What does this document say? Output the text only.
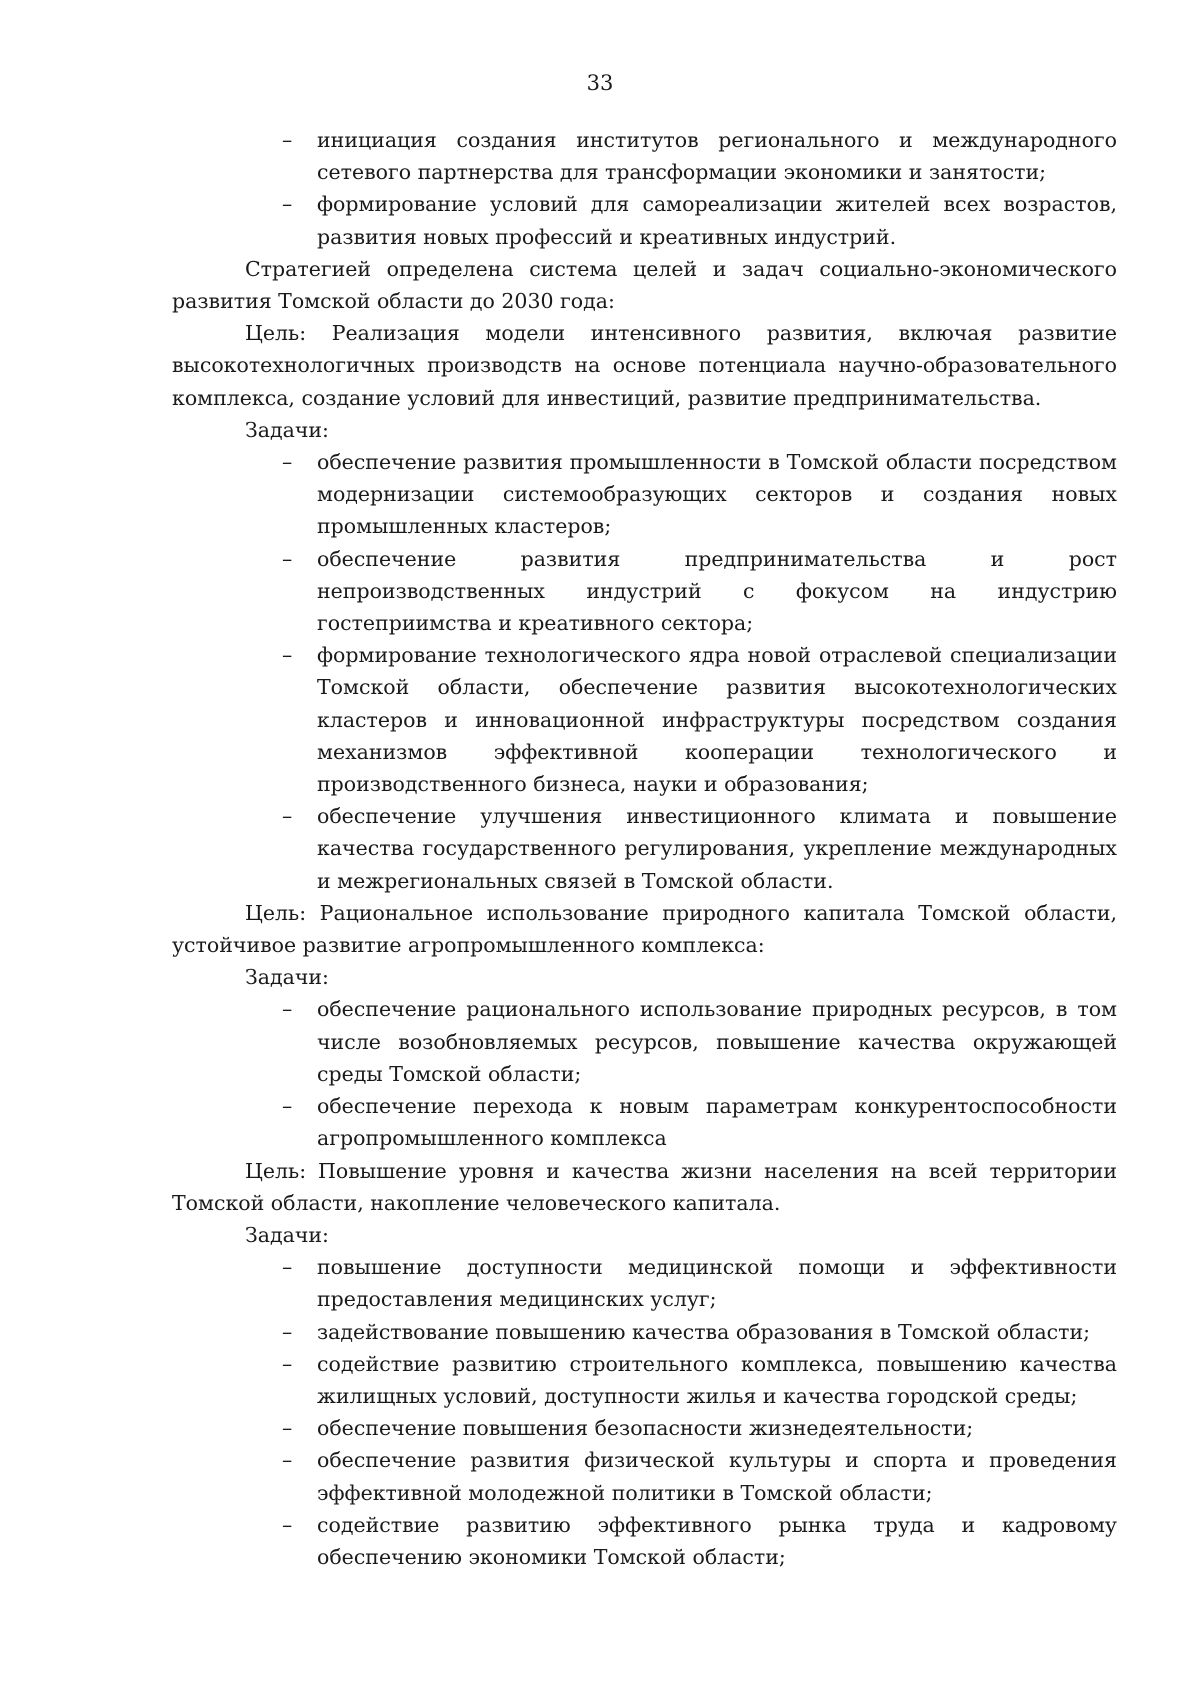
33
– инициация создания институтов регионального и международного сетевого партнерства для трансформации экономики и занятости;
– формирование условий для самореализации жителей всех возрастов, развития новых профессий и креативных индустрий.

Стратегией определена система целей и задач социально-экономического развития Томской области до 2030 года:

Цель: Реализация модели интенсивного развития, включая развитие высокотехнологичных производств на основе потенциала научно-образовательного комплекса, создание условий для инвестиций, развитие предпринимательства.

Задачи:

– обеспечение развития промышленности в Томской области посредством модернизации системообразующих секторов и создания новых промышленных кластеров;
– обеспечение развития предпринимательства и рост непроизводственных индустрий с фокусом на индустрию гостеприимства и креативного сектора;
– формирование технологического ядра новой отраслевой специализации Томской области, обеспечение развития высокотехнологических кластеров и инновационной инфраструктуры посредством создания механизмов эффективной кооперации технологического и производственного бизнеса, науки и образования;
– обеспечение улучшения инвестиционного климата и повышение качества государственного регулирования, укрепление международных и межрегиональных связей в Томской области.

Цель: Рациональное использование природного капитала Томской области, устойчивое развитие агропромышленного комплекса:

Задачи:

– обеспечение рационального использование природных ресурсов, в том числе возобновляемых ресурсов, повышение качества окружающей среды Томской области;
– обеспечение перехода к новым параметрам конкурентоспособности агропромышленного комплекса

Цель: Повышение уровня и качества жизни населения на всей территории Томской области, накопление человеческого капитала.

Задачи:

– повышение доступности медицинской помощи и эффективности предоставления медицинских услуг;
– задействование повышению качества образования в Томской области;
– содействие развитию строительного комплекса, повышению качества жилищных условий, доступности жилья и качества городской среды;
– обеспечение повышения безопасности жизнедеятельности;
– обеспечение развития физической культуры и спорта и проведения эффективной молодежной политики в Томской области;
– содействие развитию эффективного рынка труда и кадровому обеспечению экономики Томской области;
